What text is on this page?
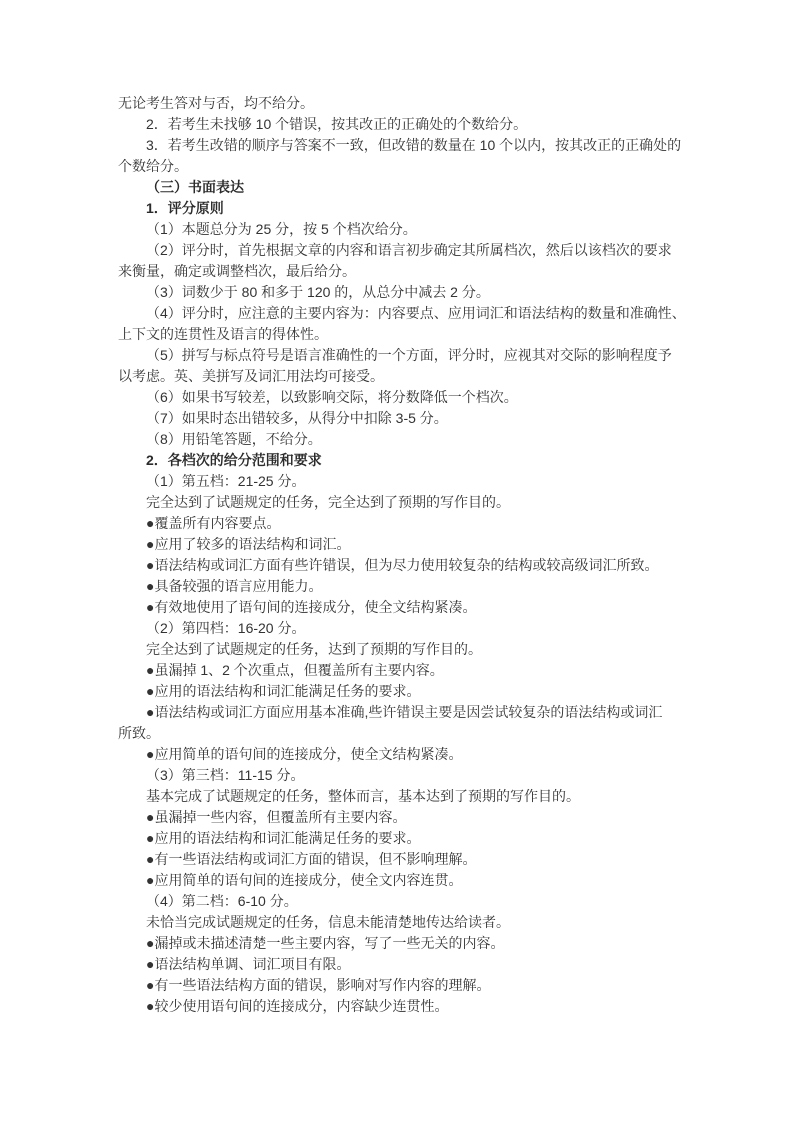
无论考生答对与否，均不给分。
2．若考生未找够 10 个错误，按其改正的正确处的个数给分。
3．若考生改错的顺序与答案不一致，但改错的数量在 10 个以内，按其改正的正确处的
个数给分。
（三）书面表达
1．评分原则
（1）本题总分为 25 分，按 5 个档次给分。
（2）评分时，首先根据文章的内容和语言初步确定其所属档次，然后以该档次的要求
来衡量，确定或调整档次，最后给分。
（3）词数少于 80 和多于 120 的，从总分中减去 2 分。
（4）评分时，应注意的主要内容为：内容要点、应用词汇和语法结构的数量和准确性、
上下文的连贯性及语言的得体性。
（5）拼写与标点符号是语言准确性的一个方面，评分时，应视其对交际的影响程度予
以考虑。英、美拼写及词汇用法均可接受。
（6）如果书写较差，以致影响交际，将分数降低一个档次。
（7）如果时态出错较多，从得分中扣除 3-5 分。
（8）用铅笔答题，不给分。
2．各档次的给分范围和要求
（1）第五档：21-25 分。
完全达到了试题规定的任务，完全达到了预期的写作目的。
●覆盖所有内容要点。
●应用了较多的语法结构和词汇。
●语法结构或词汇方面有些许错误，但为尽力使用较复杂的结构或较高级词汇所致。
●具备较强的语言应用能力。
●有效地使用了语句间的连接成分，使全文结构紧凑。
（2）第四档：16-20 分。
完全达到了试题规定的任务，达到了预期的写作目的。
●虽漏掉 1、2 个次重点，但覆盖所有主要内容。
●应用的语法结构和词汇能满足任务的要求。
●语法结构或词汇方面应用基本准确,些许错误主要是因尝试较复杂的语法结构或词汇
所致。
●应用简单的语句间的连接成分，使全文结构紧凑。
（3）第三档：11-15 分。
基本完成了试题规定的任务，整体而言，基本达到了预期的写作目的。
●虽漏掉一些内容，但覆盖所有主要内容。
●应用的语法结构和词汇能满足任务的要求。
●有一些语法结构或词汇方面的错误，但不影响理解。
●应用简单的语句间的连接成分，使全文内容连贯。
（4）第二档：6-10 分。
未恰当完成试题规定的任务，信息未能清楚地传达给读者。
●漏掉或未描述清楚一些主要内容，写了一些无关的内容。
●语法结构单调、词汇项目有限。
●有一些语法结构方面的错误，影响对写作内容的理解。
●较少使用语句间的连接成分，内容缺少连贯性。
